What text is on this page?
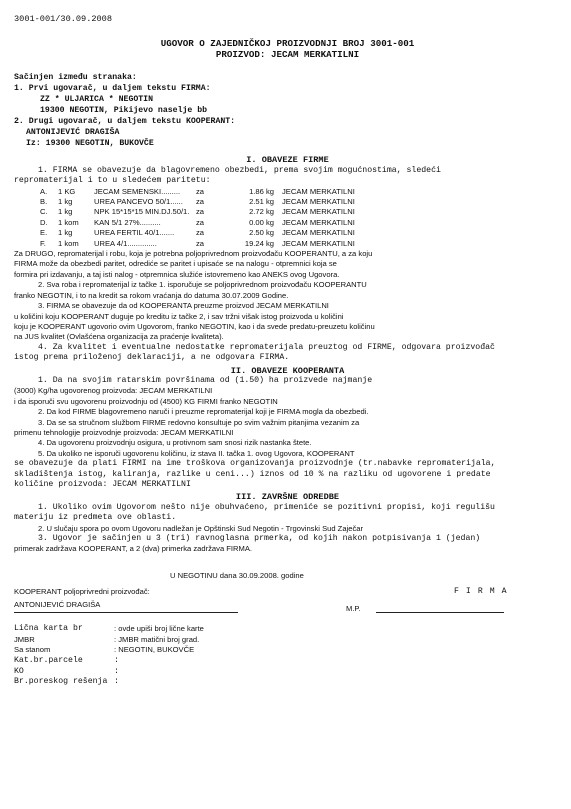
3001-001/30.09.2008
UGOVOR O ZAJEDNIČKOJ PROIZVODNJI BROJ 3001-001
PROIZVOD: JECAM MERKATILNI
Sačinjen između stranaka:
1. Prvi ugovarač, u daljem tekstu FIRMA:
ZZ * ULJARICA * NEGOTIN
19300 NEGOTIN, Pikijevo naselje bb
2. Drugi ugovarač, u daljem tekstu KOOPERANT:
ANTONIJEVIĆ DRAGIŠA
Iz: 19300 NEGOTIN, BUKOVČE
I. OBAVEZE FIRME
1. FIRMA se obavezuje da blagovremeno obezbedi, prema svojim mogućnostima, sledeći
repromaterijal i to u sledećem paritetu:
A.	1 KG	JECAM SEMENSKI.........	za	1.86 kg	JECAM MERKATILNI
B.	1 kg	UREA PANCEVO 50/1......	za	2.51 kg	JECAM MERKATILNI
C.	1 kg	NPK 15*15*15 MIN.DJ.50/1.	za	2.72 kg	JECAM MERKATILNI
D.	1 kom	KAN 5/1 27%..........	za	0.00 kg	JECAM MERKATILNI
E.	1 kg	UREA FERTIL 40/1.......	za	2.50 kg	JECAM MERKATILNI
F.	1 kom	UREA 4/1..............	za	19.24 kg	JECAM MERKATILNI
Za DRUGO, repromaterijal i robu, koja je potrebna poljoprivrednom proizvođaču KOOPERANTU, a za koju
FIRMA može da obezbedi paritet, odrediće se paritet i upisaće se na nalogu - otpremnici koja se
formira pri izdavanju, a taj isti nalog - otpremnica služiće istovremeno kao ANEKS ovog Ugovora.
2. Sva roba i repromaterijal iz tačke 1. isporučuje se poljoprivrednom proizvođaču KOOPERANTU
franko NEGOTIN, i to na kredit sa rokom vraćanja do datuma 30.07.2009 Godine.
3. FIRMA se obavezuje da od KOOPERANTA preuzme proizvod JECAM MERKATILNI
u količini koju KOOPERANT duguje po kreditu iz tačke 2, i sav tržni višak istog proizvoda u količini
koju je KOOPERANT ugovorio ovim Ugovorom, franko NEGOTIN, kao i da svede predatu-preuzetu količinu
na JUS kvalitet (Ovlašćena organizacija za praćenje kvaliteta).
4. Za kvalitet i eventualne nedostatke repromaterijala preuztog od FIRME, odgovara proizvođač
istog prema priloženoj deklaraciji, a ne odgovara FIRMA.
II. OBAVEZE KOOPERANTA
1. Da na svojim ratarskim površinama od (1.50) ha proizvede najmanje
(3000) Kg/ha ugovorenog proizvoda: JECAM MERKATILNI
i da isporuči svu ugovorenu proizvodnju od (4500) KG FIRMI franko NEGOTIN
2. Da kod FIRME blagovremeno naruči i preuzme repromaterijal koji je FIRMA mogla da obezbedi.
3. Da se sa stručnom službom FIRME redovno konsultuje po svim važnim pitanjima vezanim za
primenu tehnologije proizvodnje proizvoda: JECAM MERKATILNI
4. Da ugovorenu proizvodnju osigura, u protivnom sam snosi rizik nastanka štete.
5. Da ukoliko ne isporuči ugovorenu količinu, iz stava II. tačka 1. ovog Ugovora, KOOPERANT
se obavezuje da plati FIRMI na ime troškova organizovanja proizvodnje (tr.nabavke repromaterijala,
skladištenja istog, kaliranja, razlike u ceni...) iznos od 10 % na razliku od ugovorene i predate
količine proizvoda: JECAM MERKATILNI
III. ZAVRŠNE ODREDBE
1. Ukoliko ovim Ugovorom nešto nije obuhvaćeno, primeniće se pozitivni propisi, koji regulišu
materiju iz predmeta ove oblasti.
2. U slučaju spora po ovom Ugovoru nadležan je Opštinski Sud Negotin - Trgovinski Sud Zaječar
3. Ugovor je sačinjen u 3 (tri) ravnoglasna prmerka, od kojih nakon potpisivanja 1 (jedan)
primerak zadržava KOOPERANT, a 2 (dva) primerka zadržava FIRMA.
U NEGOTINU dana 30.09.2008. godine
KOOPERANT poljoprivredni proizvođač:	FIRMA
ANTONIJEVIĆ DRAGIŠA	M.P.
Lična karta br	: ovde upiši broj lične karte
JMBR	: JMBR matični broj grad.
Sa stanom	: NEGOTIN, BUKOVČE
Kat.br.parcele	:
KO	:
Br.poreskog rešenja :
